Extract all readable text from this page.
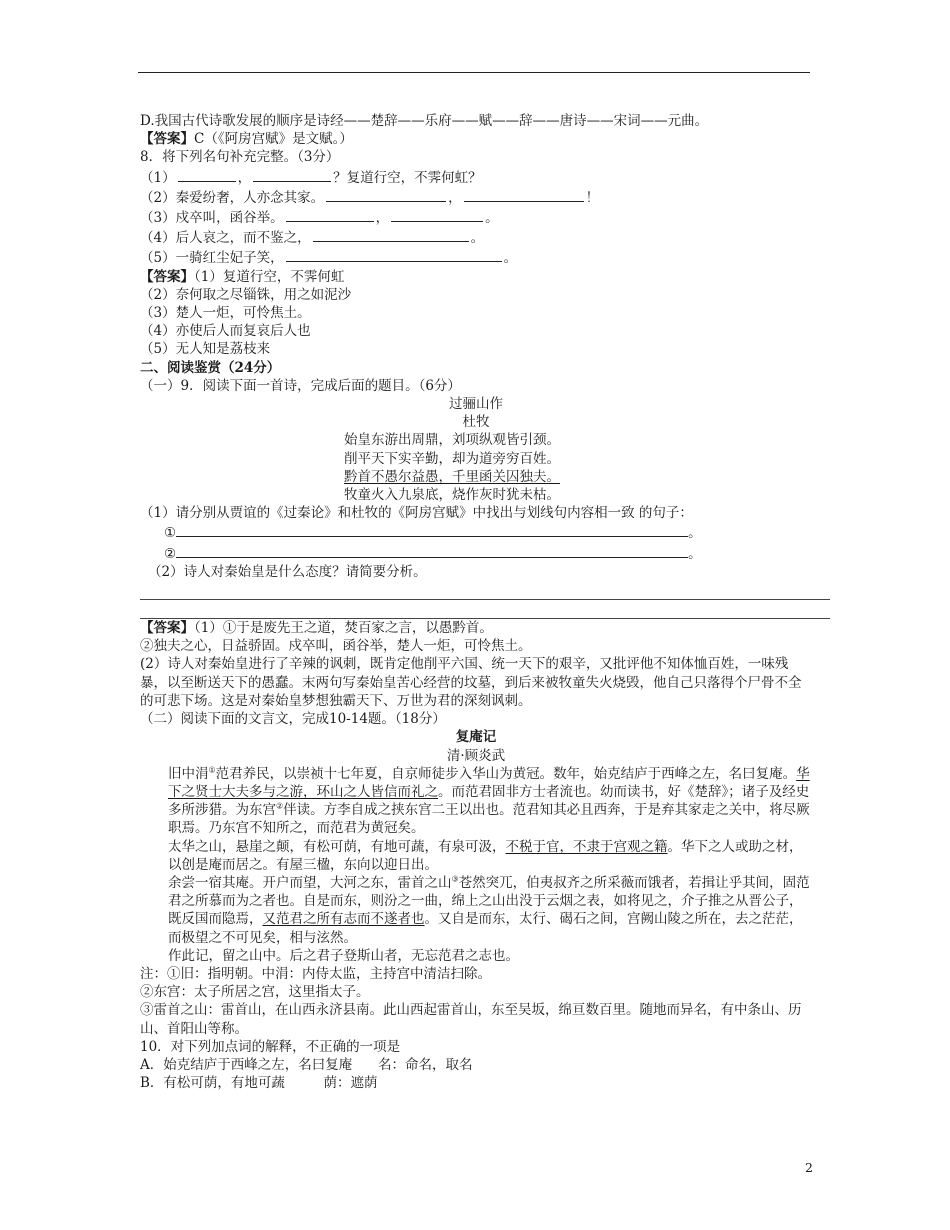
D.我国古代诗歌发展的顺序是诗经——楚辞——乐府——赋——辞——唐诗——宋词——元曲。
【答案】C（《阿房宫赋》是文赋。）
8．将下列名句补充完整。（3分）
（1）	，	？复道行空，不霁何虹？
（2）秦爱纷奢，人亦念其家。	，	！
（3）戍卒叫，函谷举。	，	。
（4）后人哀之，而不鉴之，	。
（5）一骑红尘妃子笑，	。
【答案】（1）复道行空，不霁何虹
（2）奈何取之尽锱铢，用之如泥沙
（3）楚人一炬，可怜焦土。
（4）亦使后人而复哀后人也
（5）无人知是荔枝来
二、阅读鉴赏（24分）
（一）9．阅读下面一首诗，完成后面的题目。（6分）
过骊山作
杜牧
始皇东游出周鼎，刘项纵观皆引颈。
削平天下实辛勤，却为道旁穷百姓。
黔首不愚尔益愚，千里函关囚独夫。
牧童火入九泉底，烧作灰时犹未枯。
（1）请分别从贾谊的《过秦论》和杜牧的《阿房宫赋》中找出与划线句内容相一致 的句子：
①	。
②	。
（2）诗人对秦始皇是什么态度？请简要分析。
【答案】（1）①于是废先王之道，焚百家之言，以愚黔首。
②独夫之心，日益骄固。戍卒叫，函谷举，楚人一炬，可怜焦土。
(2）诗人对秦始皇进行了辛辣的讽刺，既肯定他削平六国、统一天下的艰辛，又批评他不知体恤百姓，一味残暴，以至断送天下的愚蠢。末两句写秦始皇苦心经营的坟墓，到后来被牧童失火烧毁，他自己只落得个尸骨不全的可悲下场。这是对秦始皇梦想独霸天下、万世为君的深刻讽刺。
（二）阅读下面的文言文，完成10-14题。（18分）
复庵记
清·顾炎武
旧中涓①范君养民，以崇祯十七年夏，自京师徒步入华山为黄冠。数年，始克结庐于西峰之左，名曰复庵。华下之贤士大夫多与之游，环山之人皆信而礼之。而范君固非方士者流也。幼而读书，好《楚辞》；诸子及经史多所涉猎。为东宫②伴读。方李自成之挟东宫二王以出也。范君知其必且西奔，于是弃其家走之关中，将尽厥职焉。乃东宫不知所之，而范君为黄冠矣。
太华之山，悬崖之颠，有松可荫，有地可蔬，有泉可汲，不税于官，不隶于宫观之籍。华下之人或助之材，以创是庵而居之。有屋三楹，东向以迎日出。
余尝一宿其庵。开户而望，大河之东，雷首之山③苍然突兀，伯夷叔齐之所采薇而饿者，若揖让乎其间，固范君之所慕而为之者也。自是而东，则汾之一曲，绵上之山出没于云烟之表，如将见之，介子推之从晋公子，既反国而隐焉，又范君之所有志而不遂者也。又自是而东，太行、碣石之间，宫阙山陵之所在，去之茫茫，而极望之不可见矣，相与泫然。
作此记，留之山中。后之君子登斯山者，无忘范君之志也。
注：①旧：指明朝。中涓：内侍太监，主持宫中清洁扫除。
②东宫：太子所居之宫，这里指太子。
③雷首之山：雷首山，在山西永济县南。此山西起雷首山，东至吴坂，绵亘数百里。随地而异名，有中条山、历山、首阳山等称。
10．对下列加点词的解释，不正确的一项是
A．始克结庐于西峰之左，名曰复庵      名：命名，取名
B．有松可荫，有地可蔬         荫：遮荫
2
